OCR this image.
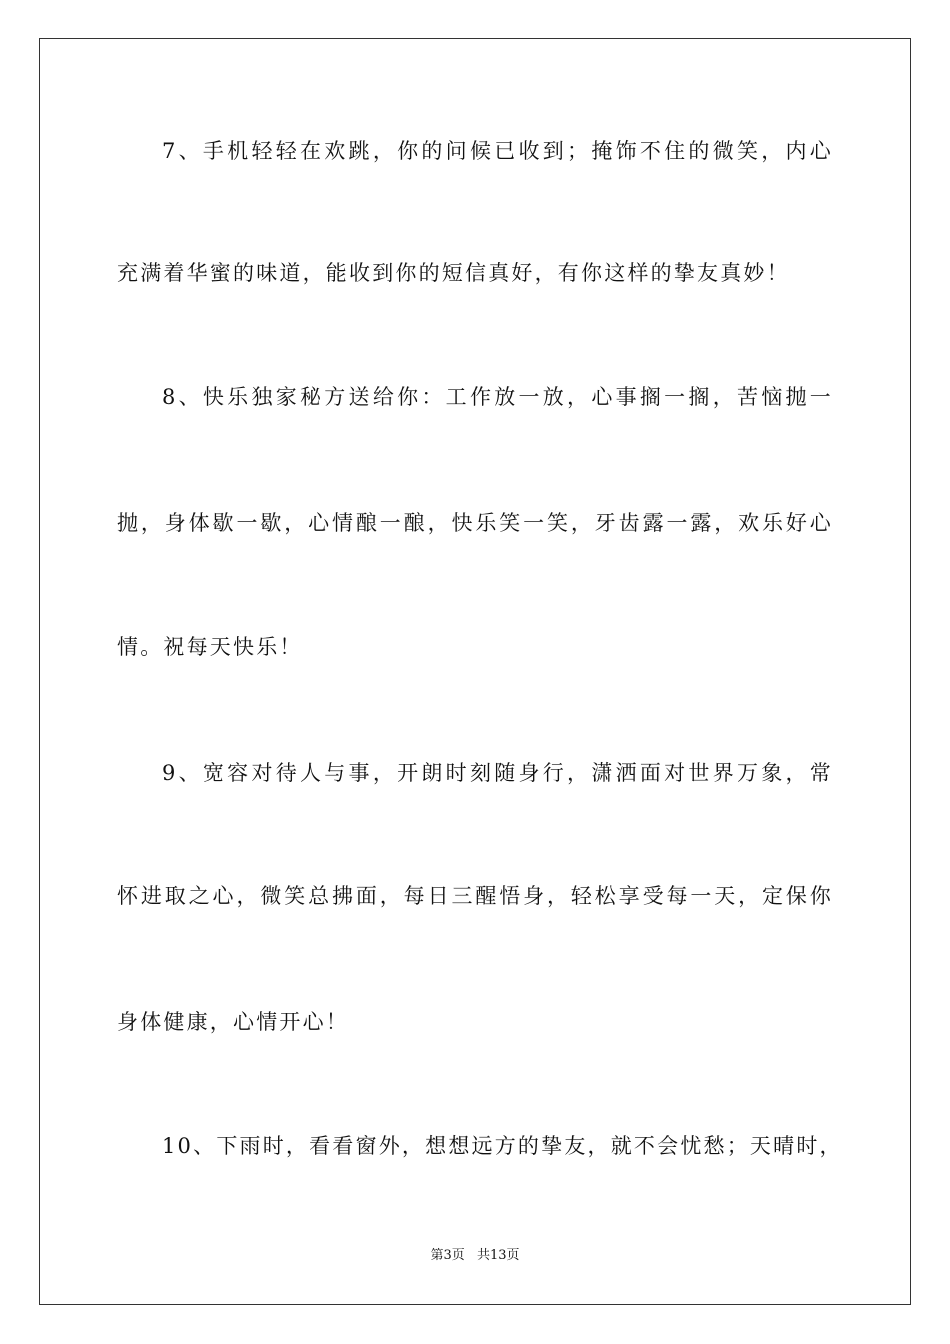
7、手机轻轻在欢跳，你的问候已收到；掩饰不住的微笑，内心
充满着华蜜的味道，能收到你的短信真好，有你这样的挚友真妙！
8、快乐独家秘方送给你：工作放一放，心事搁一搁，苦恼抛一
抛，身体歇一歇，心情酿一酿，快乐笑一笑，牙齿露一露，欢乐好心
情。祝每天快乐！
9、宽容对待人与事，开朗时刻随身行，潇洒面对世界万象，常
怀进取之心，微笑总拂面，每日三醒悟身，轻松享受每一天，定保你
身体健康，心情开心！
10、下雨时，看看窗外，想想远方的挚友，就不会忧愁；天晴时，
第3页 共13页
